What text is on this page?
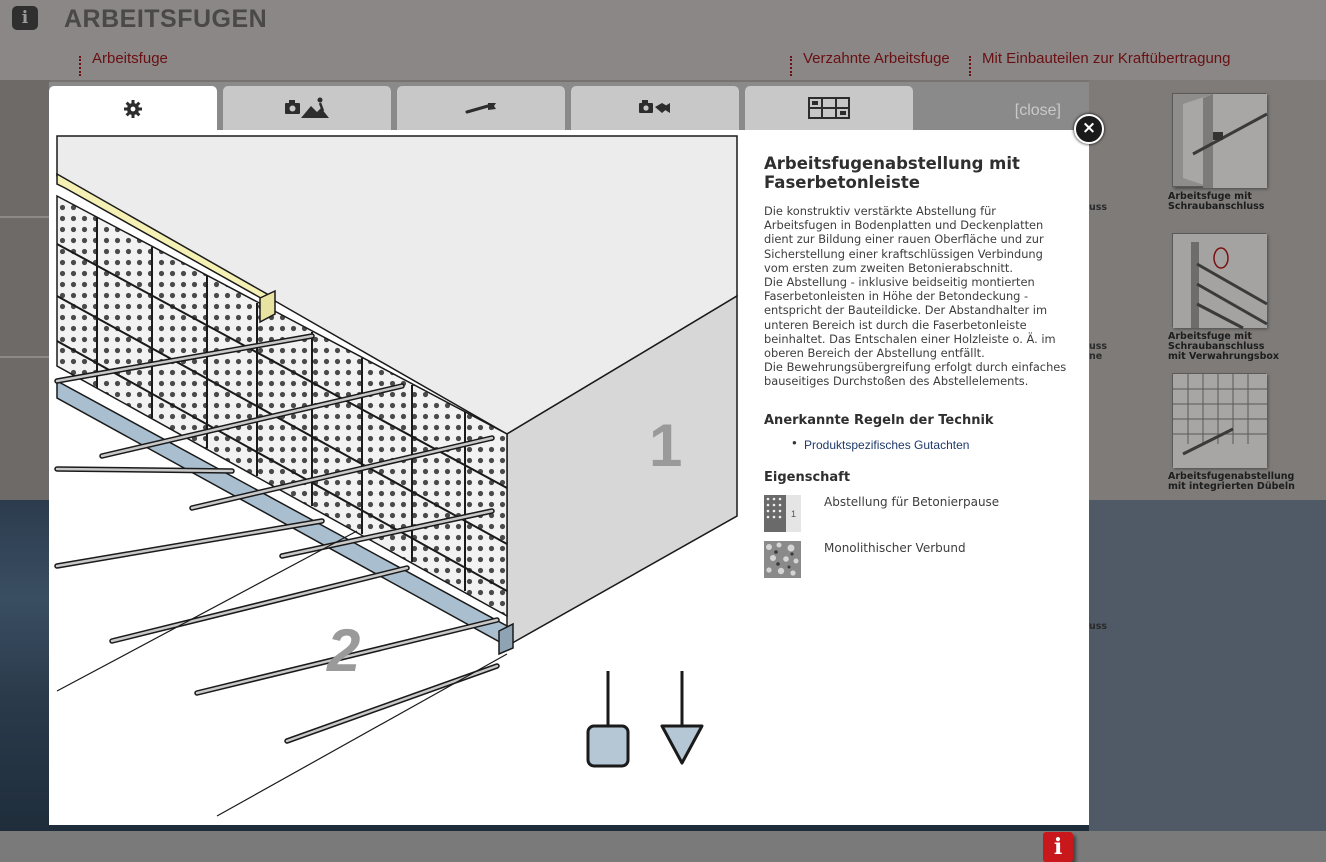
i	ARBEITSFUGEN
Arbeitsfuge	Verzahnte Arbeitsfuge Mit Einbauteilen zur Kraftübertragung
Arbeitsfuge mit
Schraubanschluss
Arbeitsfuge mit
Schraubanschluss
mit Verwahrungsbox
Arbeitsfugenabstellung
mit integrierten Dübeln
uss
uss
ne
uss
[close]
1
2
Arbeitsfugenabstellung mit Faserbetonleiste

Die konstruktiv verstärkte Abstellung für Arbeitsfugen in Bodenplatten und Deckenplatten dient zur Bildung einer rauen Oberfläche und zur Sicherstellung einer kraftschlüssigen Verbindung vom ersten zum zweiten Betonierabschnitt.
Die Abstellung - inklusive beidseitig montierten Faserbetonleisten in Höhe der Betondeckung - entspricht der Bauteildicke. Der Abstandhalter im unteren Bereich ist durch die Faserbetonleiste beinhaltet. Das Entschalen einer Holzleiste o. Ä. im oberen Bereich der Abstellung entfällt.
Die Bewehrungsübergreifung erfolgt durch einfaches bauseitiges Durchstoßen des Abstellelements.

Anerkannte Regeln der Technik
● Produktspezifisches Gutachten
Eigenschaft
1
Abstellung für Betonierpause
Monolithischer Verbund
i
×
